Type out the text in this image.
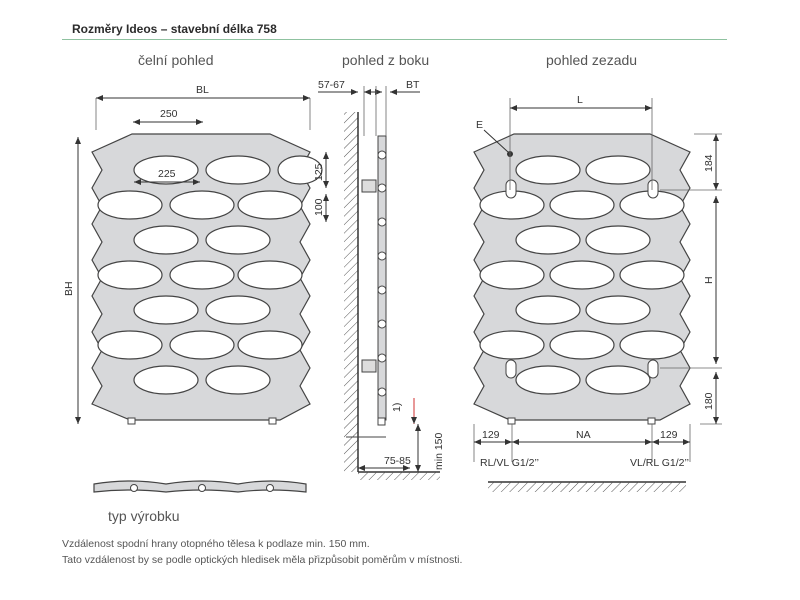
Rozměry Ideos – stavební délka 758
čelní pohled	pohled z boku	pohled zezadu
typ výrobku
Vzdálenost spodní hrany otopného tělesa k podlaze min. 150 mm.
Tato vzdálenost by se podle optických hledisek měla přizpůsobit poměrům v místnosti.
BL
250
225	125
100
BH
57-67	BT
1)
min 150
75-85
L
E
184
H
180
129	NA	129
RL/VL G1/2’’	VL/RL G1/2’’
